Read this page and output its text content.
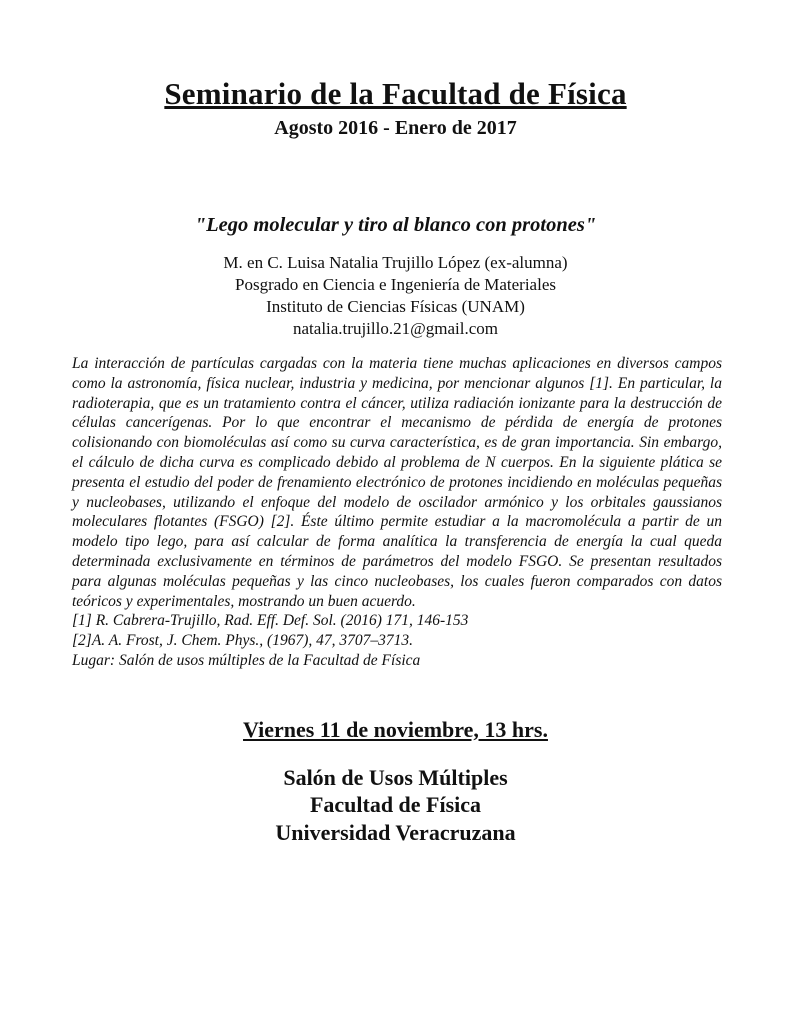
Seminario de la Facultad de Física
Agosto 2016 - Enero de 2017
"Lego molecular y tiro al blanco con protones"
M. en C. Luisa Natalia Trujillo López (ex-alumna)
Posgrado en Ciencia e Ingeniería de Materiales
Instituto de Ciencias Físicas (UNAM)
natalia.trujillo.21@gmail.com
La interacción de partículas cargadas con la materia tiene muchas aplicaciones en diversos campos como la astronomía, física nuclear, industria y medicina, por mencionar algunos [1]. En particular, la radioterapia, que es un tratamiento contra el cáncer, utiliza radiación ionizante para la destrucción de células cancerígenas. Por lo que encontrar el mecanismo de pérdida de energía de protones colisionando con biomoléculas así como su curva característica, es de gran importancia. Sin embargo, el cálculo de dicha curva es complicado debido al problema de N cuerpos. En la siguiente plática se presenta el estudio del poder de frenamiento electrónico de protones incidiendo en moléculas pequeñas y nucleobases, utilizando el enfoque del modelo de oscilador armónico y los orbitales gaussianos moleculares flotantes (FSGO) [2]. Éste último permite estudiar a la macromolécula a partir de un modelo tipo lego, para así calcular de forma analítica la transferencia de energía la cual queda determinada exclusivamente en términos de parámetros del modelo FSGO. Se presentan resultados para algunas moléculas pequeñas y las cinco nucleobases, los cuales fueron comparados con datos teóricos y experimentales, mostrando un buen acuerdo.
[1] R. Cabrera-Trujillo, Rad. Eff. Def. Sol. (2016) 171, 146-153
[2]A. A. Frost, J. Chem. Phys., (1967), 47, 3707–3713.
Lugar: Salón de usos múltiples de la Facultad de Física
Viernes 11 de noviembre, 13 hrs.
Salón de Usos Múltiples
Facultad de Física
Universidad Veracruzana
